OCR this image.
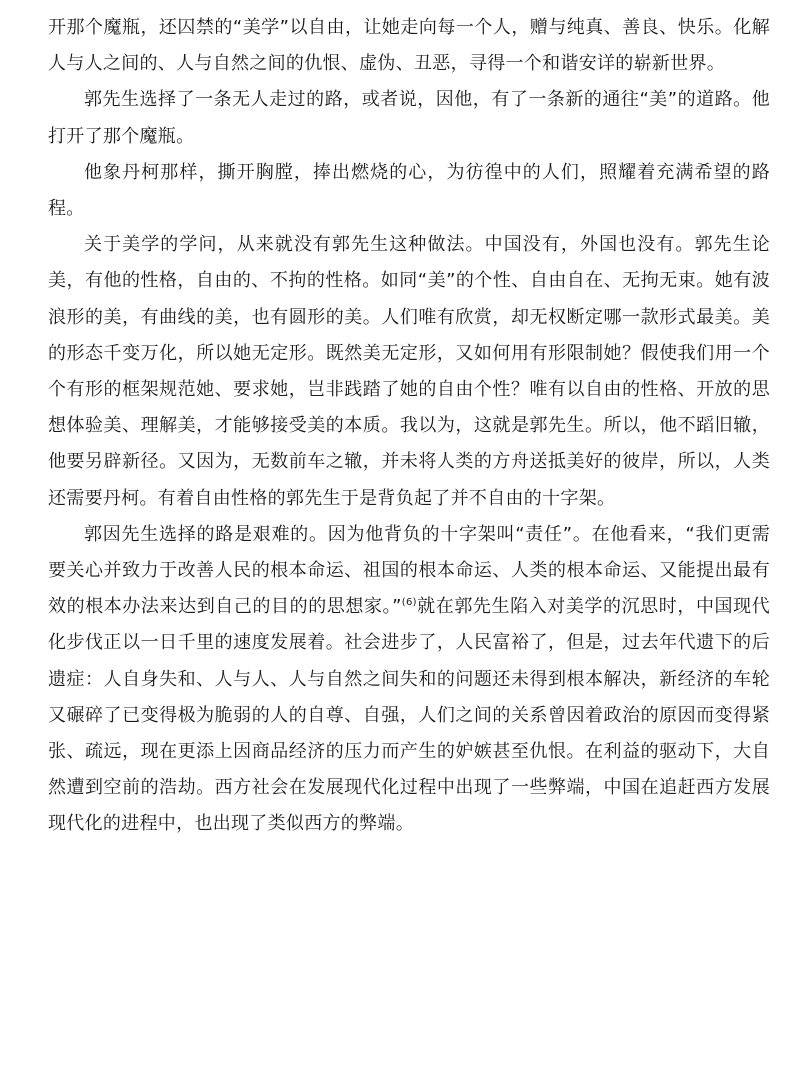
开那个魔瓶，还囚禁的“美学”以自由，让她走向每一个人，赠与纯真、善良、快乐。化解人与人之间的、人与自然之间的仇恨、虚伪、丑恶，寻得一个和谐安详的崭新世界。

郭先生选择了一条无人走过的路，或者说，因他，有了一条新的通往“美”的道路。他打开了那个魔瓶。

他象丹柯那样，撕开胸膛，捧出燃烧的心，为彷徨中的人们，照耀着充满希望的路程。

关于美学的学问，从来就没有郭先生这种做法。中国没有，外国也没有。郭先生论美，有他的性格，自由的、不拘的性格。如同“美”的个性、自由自在、无拘无束。她有波浪形的美，有曲线的美，也有圆形的美。人们唯有欣赏，却无权断定哪一款形式最美。美的形态千变万化，所以她无定形。既然美无定形，又如何用有形限制她？假使我们用一个个有形的框架规范她、要求她，岂非践踏了她的自由个性？唯有以自由的性格、开放的思想体验美、理解美，才能够接受美的本质。我以为，这就是郭先生。所以，他不蹈旧辙，他要另辟新径。又因为，无数前车之辙，并未将人类的方舟送抵美好的彼岸，所以，人类还需要丹柯。有着自由性格的郭先生于是背负起了并不自由的十字架。

郭因先生选择的路是艰难的。因为他背负的十字架叫“责任”。在他看来，“我们更需要关心并致力于改善人民的根本命运、祖国的根本命运、人类的根本命运、又能提出最有效的根本办法来达到自己的目的的思想家。”$^{(6)}$就在郭先生陷入对美学的沉思时，中国现代化步伐正以一日千里的速度发展着。社会进步了，人民富裕了，但是，过去年代遗下的后遗症：人自身失和、人与人、人与自然之间失和的问题还未得到根本解决，新经济的车轮又碾碎了已变得极为脆弱的人的自尊、自强，人们之间的关系曾因着政治的原因而变得紧张、疏远，现在更添上因商品经济的压力而产生的妒嫉甚至仇恨。在利益的驱动下，大自然遭到空前的浩劫。西方社会在发展现代化过程中出现了一些弊端，中国在追赶西方发展现代化的进程中，也出现了类似西方的弊端。
